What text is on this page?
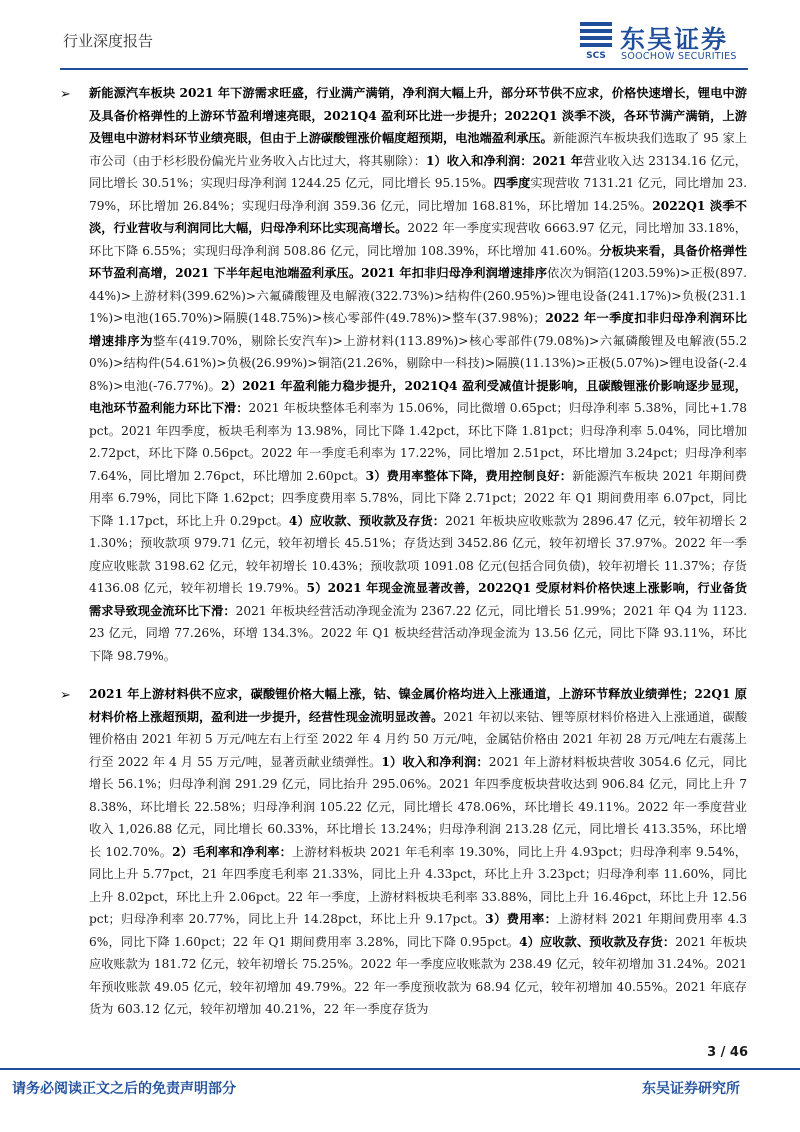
行业深度报告
SCS
东吴证券
SOOCHOW SECURITIES
➢ 新能源汽车板块 2021 年下游需求旺盛，行业满产满销，净利润大幅上升，部分环节供不应求，价格快速增长，锂电中游及具备价格弹性的上游环节盈利增速亮眼，2021Q4 盈利环比进一步提升；2022Q1 淡季不淡，各环节满产满销，上游及锂电中游材料环节业绩亮眼，但由于上游碳酸锂涨价幅度超预期，电池端盈利承压。新能源汽车板块我们选取了 95 家上市公司（由于杉杉股份偏光片业务收入占比过大，将其剔除）：1）收入和净利润：2021 年营业收入达 23134.16 亿元，同比增长 30.51%；实现归母净利润 1244.25 亿元，同比增长 95.15%。四季度实现营收 7131.21 亿元，同比增加 23.79%，环比增加 26.84%；实现归母净利润 359.36 亿元，同比增加 168.81%，环比增加 14.25%。2022Q1 淡季不淡，行业营收与利润同比大幅，归母净利环比实现高增长。2022 年一季度实现营收 6663.97 亿元，同比增加 33.18%，环比下降 6.55%；实现归母净利润 508.86 亿元，同比增加 108.39%，环比增加 41.60%。分板块来看，具备价格弹性环节盈利高增，2021 下半年起电池端盈利承压。2021 年扣非归母净利润增速排序依次为铜箔(1203.59%)>正极(897.44%)>上游材料(399.62%)>六氟磷酸锂及电解液(322.73%)>结构件(260.95%)>锂电设备(241.17%)>负极(231.11%)>电池(165.70%)>隔膜(148.75%)>核心零部件(49.78%)>整车(37.98%)；2022 年一季度扣非归母净利润环比增速排序为整车(419.70%，剔除长安汽车)>上游材料(113.89%)>核心零部件(79.08%)>六氟磷酸锂及电解液(55.20%)>结构件(54.61%)>负极(26.99%)>铜箔(21.26%，剔除中一科技)>隔膜(11.13%)>正极(5.07%)>锂电设备(-2.48%)>电池(-76.77%)。2）2021 年盈利能力稳步提升，2021Q4 盈利受减值计提影响，且碳酸锂涨价影响逐步显现，电池环节盈利能力环比下滑：2021 年板块整体毛利率为 15.06%，同比微增 0.65pct；归母净利率 5.38%，同比+1.78pct。2021 年四季度，板块毛利率为 13.98%，同比下降 1.42pct，环比下降 1.81pct；归母净利率 5.04%，同比增加 2.72pct，环比下降 0.56pct。2022 年一季度毛利率为 17.22%，同比增加 2.51pct，环比增加 3.24pct；归母净利率 7.64%，同比增加 2.76pct，环比增加 2.60pct。3）费用率整体下降，费用控制良好：新能源汽车板块 2021 年期间费用率 6.79%，同比下降 1.62pct；四季度费用率 5.78%，同比下降 2.71pct；2022 年 Q1 期间费用率 6.07pct，同比下降 1.17pct，环比上升 0.29pct。4）应收款、预收款及存货：2021 年板块应收账款为 2896.47 亿元，较年初增长 21.30%；预收款项 979.71 亿元，较年初增长 45.51%；存货达到 3452.86 亿元，较年初增长 37.97%。2022 年一季度应收账款 3198.62 亿元，较年初增长 10.43%；预收款项 1091.08 亿元(包括合同负债)，较年初增长 11.37%；存货 4136.08 亿元，较年初增长 19.79%。5）2021 年现金流显著改善，2022Q1 受原材料价格快速上涨影响，行业备货需求导致现金流环比下滑：2021 年板块经营活动净现金流为 2367.22 亿元，同比增长 51.99%；2021 年 Q4 为 1123.23 亿元，同增 77.26%，环增 134.3%。2022 年 Q1 板块经营活动净现金流为 13.56 亿元，同比下降 93.11%，环比下降 98.79%。
➢ 2021 年上游材料供不应求，碳酸锂价格大幅上涨，钴、镍金属价格均进入上涨通道，上游环节释放业绩弹性；22Q1 原材料价格上涨超预期，盈利进一步提升，经营性现金流明显改善。2021 年初以来钴、锂等原材料价格进入上涨通道，碳酸锂价格由 2021 年初 5 万元/吨左右上行至 2022 年 4 月约 50 万元/吨，金属钴价格由 2021 年初 28 万元/吨左右震荡上行至 2022 年 4 月 55 万元/吨，显著贡献业绩弹性。1）收入和净利润：2021 年上游材料板块营收 3054.6 亿元，同比增长 56.1%；归母净利润 291.29 亿元，同比抬升 295.06%。2021 年四季度板块营收达到 906.84 亿元，同比上升 78.38%，环比增长 22.58%；归母净利润 105.22 亿元，同比增长 478.06%，环比增长 49.11%。2022 年一季度营业收入 1,026.88 亿元，同比增长 60.33%，环比增长 13.24%；归母净利润 213.28 亿元，同比增长 413.35%，环比增长 102.70%。2）毛利率和净利率：上游材料板块 2021 年毛利率 19.30%，同比上升 4.93pct；归母净利率 9.54%，同比上升 5.77pct，21 年四季度毛利率 21.33%，同比上升 4.33pct，环比上升 3.23pct；归母净利率 11.60%，同比上升 8.02pct，环比上升 2.06pct。22 年一季度，上游材料板块毛利率 33.88%，同比上升 16.46pct，环比上升 12.56pct；归母净利率 20.77%，同比上升 14.28pct，环比上升 9.17pct。3）费用率：上游材料 2021 年期间费用率 4.36%，同比下降 1.60pct；22 年 Q1 期间费用率 3.28%，同比下降 0.95pct。4）应收款、预收款及存货：2021 年板块应收账款为 181.72 亿元，较年初增长 75.25%。2022 年一季度应收账款为 238.49 亿元，较年初增加 31.24%。2021 年预收账款 49.05 亿元，较年初增加 49.79%。22 年一季度预收款为 68.94 亿元，较年初增加 40.55%。2021 年底存货为 603.12 亿元，较年初增加 40.21%，22 年一季度存货为
3 / 46
请务必阅读正文之后的免责声明部分	东吴证券研究所
